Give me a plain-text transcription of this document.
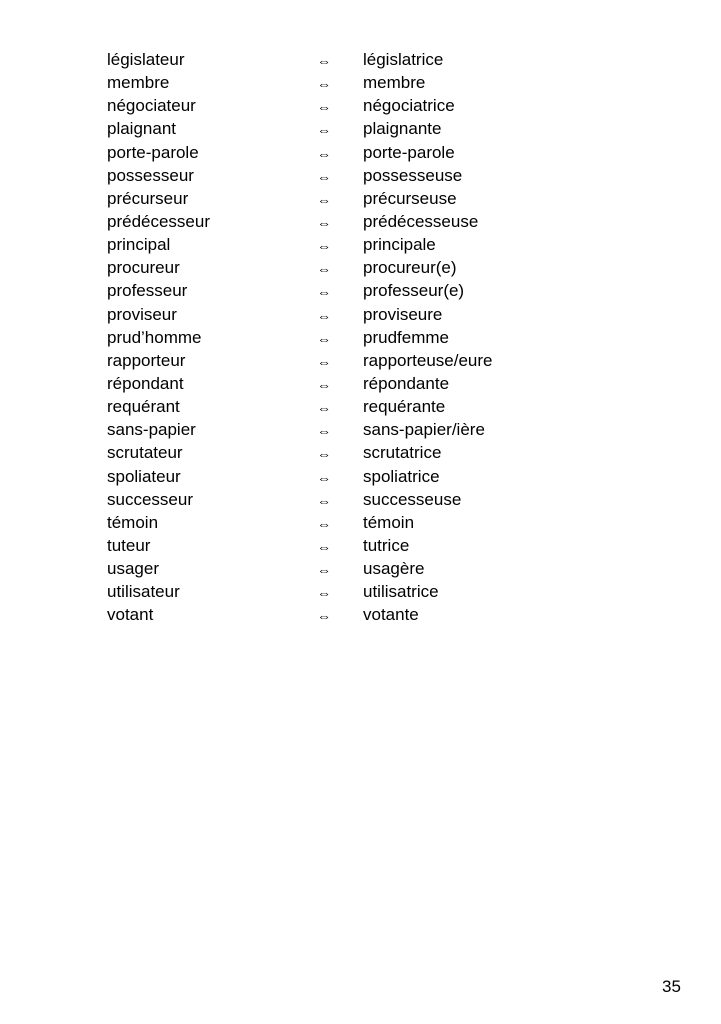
législateur	⇔ législatrice
membre	⇔ membre
négociateur	⇔ négociatrice
plaignant	⇔ plaignante
porte-parole	⇔ porte-parole
possesseur	⇔ possesseuse
précurseur	⇔ précurseuse
prédécesseur	⇔ prédécesseuse
principal	⇔ principale
procureur	⇔ procureur(e)
professeur	⇔ professeur(e)
proviseur	⇔ proviseure
prud’homme	⇔ prudfemme
rapporteur	⇔ rapporteuse/eure
répondant	⇔ répondante
requérant	⇔ requérante
sans-papier	⇔ sans-papier/ière
scrutateur	⇔ scrutatrice
spoliateur	⇔ spoliatrice
successeur	⇔ successeuse
témoin	⇔ témoin
tuteur	⇔ tutrice
usager	⇔ usagère
utilisateur	⇔ utilisatrice
votant	⇔ votante
35
